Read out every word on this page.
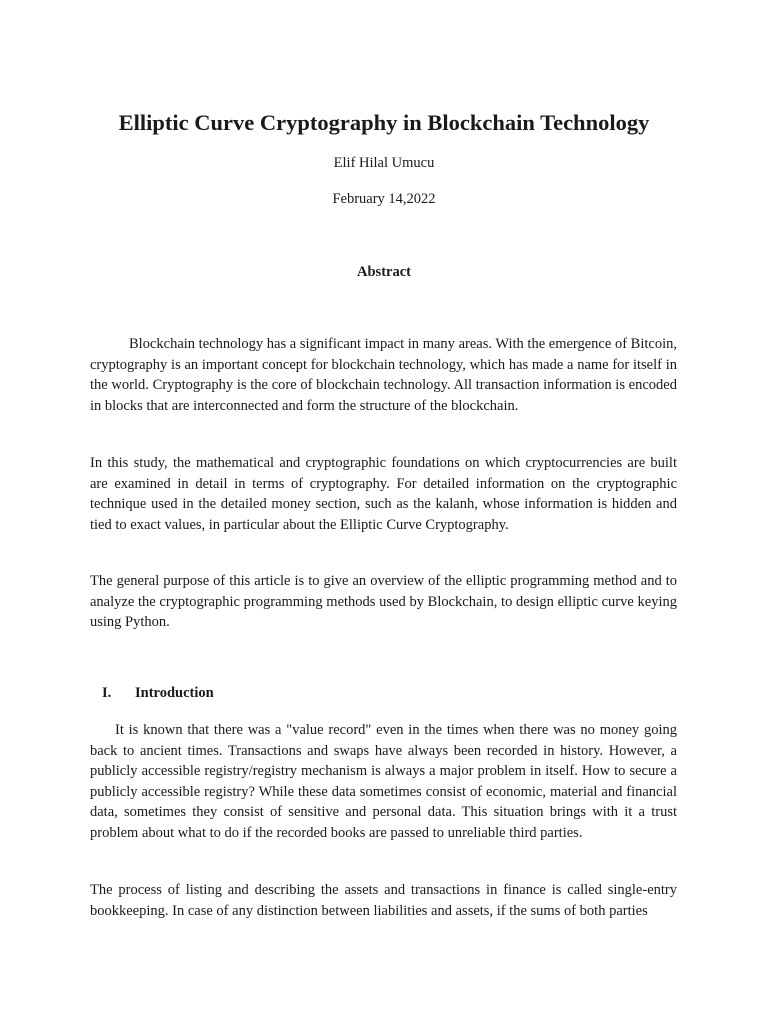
Elliptic Curve Cryptography in Blockchain Technology
Elif Hilal Umucu
February 14,2022
Abstract

Blockchain technology has a significant impact in many areas. With the emergence of Bitcoin, cryptography is an important concept for blockchain technology, which has made a name for itself in the world. Cryptography is the core of blockchain technology. All transaction information is encoded in blocks that are interconnected and form the structure of the blockchain.

In this study, the mathematical and cryptographic foundations on which cryptocurrencies are built are examined in detail in terms of cryptography. For detailed information on the cryptographic technique used in the detailed money section, such as the kalanh, whose information is hidden and tied to exact values, in particular about the Elliptic Curve Cryptography.

The general purpose of this article is to give an overview of the elliptic programming method and to analyze the cryptographic programming methods used by Blockchain, to design elliptic curve keying using Python.

I.	Introduction

It is known that there was a "value record" even in the times when there was no money going back to ancient times. Transactions and swaps have always been recorded in history. However, a publicly accessible registry/registry mechanism is always a major problem in itself. How to secure a publicly accessible registry? While these data sometimes consist of economic, material and financial data, sometimes they consist of sensitive and personal data. This situation brings with it a trust problem about what to do if the recorded books are passed to unreliable third parties.

The process of listing and describing the assets and transactions in finance is called single-entry bookkeeping. In case of any distinction between liabilities and assets, if the sums of both parties
